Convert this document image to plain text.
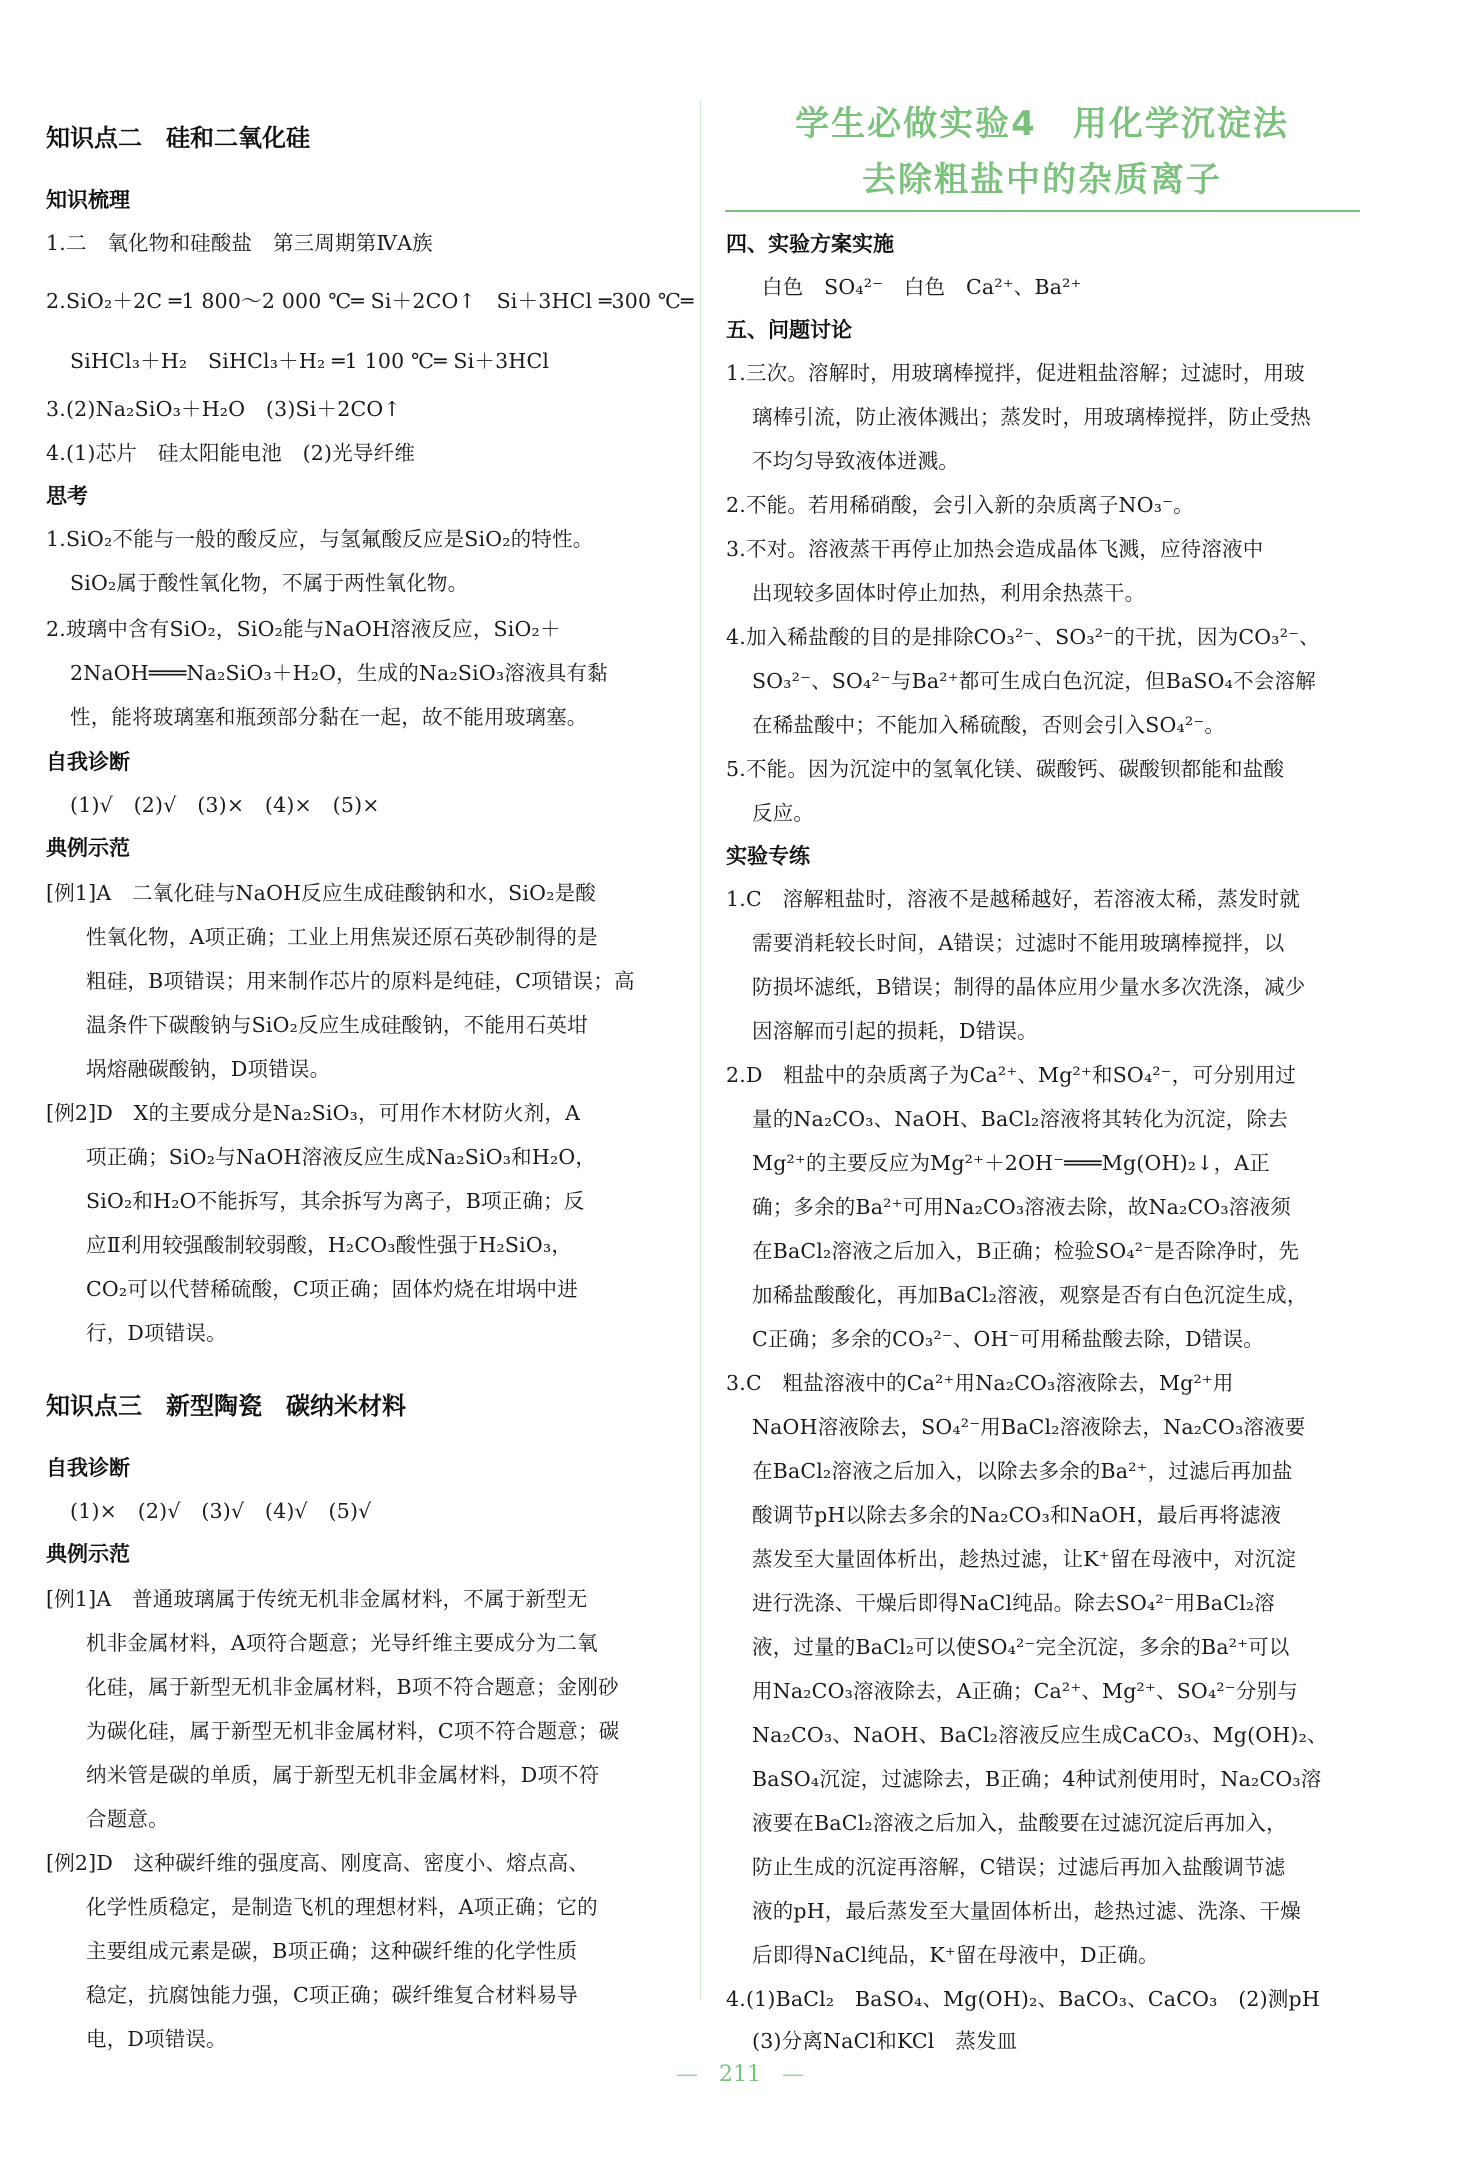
知识点二　硅和二氧化硅
知识梳理
1.二　氧化物和硅酸盐　第三周期第ⅣA族
2.SiO₂＋2C ═1 800～2 000 ℃═ Si＋2CO↑　Si＋3HCl ═300 ℃═
SiHCl₃＋H₂　SiHCl₃＋H₂ ═1 100 ℃═ Si＋3HCl
3.(2)Na₂SiO₃＋H₂O　(3)Si＋2CO↑
4.(1)芯片　硅太阳能电池　(2)光导纤维
思考
1.SiO₂不能与一般的酸反应，与氢氟酸反应是SiO₂的特性。
SiO₂属于酸性氧化物，不属于两性氧化物。
2.玻璃中含有SiO₂，SiO₂能与NaOH溶液反应，SiO₂＋
2NaOH═══Na₂SiO₃＋H₂O，生成的Na₂SiO₃溶液具有黏
性，能将玻璃塞和瓶颈部分黏在一起，故不能用玻璃塞。
自我诊断
(1)√　(2)√　(3)×　(4)×　(5)×
典例示范
[例1]A　二氧化硅与NaOH反应生成硅酸钠和水，SiO₂是酸
性氧化物，A项正确；工业上用焦炭还原石英砂制得的是
粗硅，B项错误；用来制作芯片的原料是纯硅，C项错误；高
温条件下碳酸钠与SiO₂反应生成硅酸钠，不能用石英坩
埚熔融碳酸钠，D项错误。
[例2]D　X的主要成分是Na₂SiO₃，可用作木材防火剂，A
项正确；SiO₂与NaOH溶液反应生成Na₂SiO₃和H₂O，
SiO₂和H₂O不能拆写，其余拆写为离子，B项正确；反
应Ⅱ利用较强酸制较弱酸，H₂CO₃酸性强于H₂SiO₃，
CO₂可以代替稀硫酸，C项正确；固体灼烧在坩埚中进
行，D项错误。
知识点三　新型陶瓷　碳纳米材料
自我诊断
(1)×　(2)√　(3)√　(4)√　(5)√
典例示范
[例1]A　普通玻璃属于传统无机非金属材料，不属于新型无
机非金属材料，A项符合题意；光导纤维主要成分为二氧
化硅，属于新型无机非金属材料，B项不符合题意；金刚砂
为碳化硅，属于新型无机非金属材料，C项不符合题意；碳
纳米管是碳的单质，属于新型无机非金属材料，D项不符
合题意。
[例2]D　这种碳纤维的强度高、刚度高、密度小、熔点高、
化学性质稳定，是制造飞机的理想材料，A项正确；它的
主要组成元素是碳，B项正确；这种碳纤维的化学性质
稳定，抗腐蚀能力强，C项正确；碳纤维复合材料易导
电，D项错误。
学生必做实验4　用化学沉淀法
去除粗盐中的杂质离子
四、实验方案实施
白色　SO₄²⁻　白色　Ca²⁺、Ba²⁺
五、问题讨论
1.三次。溶解时，用玻璃棒搅拌，促进粗盐溶解；过滤时，用玻
璃棒引流，防止液体溅出；蒸发时，用玻璃棒搅拌，防止受热
不均匀导致液体迸溅。
2.不能。若用稀硝酸，会引入新的杂质离子NO₃⁻。
3.不对。溶液蒸干再停止加热会造成晶体飞溅，应待溶液中
出现较多固体时停止加热，利用余热蒸干。
4.加入稀盐酸的目的是排除CO₃²⁻、SO₃²⁻的干扰，因为CO₃²⁻、
SO₃²⁻、SO₄²⁻与Ba²⁺都可生成白色沉淀，但BaSO₄不会溶解
在稀盐酸中；不能加入稀硫酸，否则会引入SO₄²⁻。
5.不能。因为沉淀中的氢氧化镁、碳酸钙、碳酸钡都能和盐酸
反应。
实验专练
1.C　溶解粗盐时，溶液不是越稀越好，若溶液太稀，蒸发时就
需要消耗较长时间，A错误；过滤时不能用玻璃棒搅拌，以
防损坏滤纸，B错误；制得的晶体应用少量水多次洗涤，减少
因溶解而引起的损耗，D错误。
2.D　粗盐中的杂质离子为Ca²⁺、Mg²⁺和SO₄²⁻，可分别用过
量的Na₂CO₃、NaOH、BaCl₂溶液将其转化为沉淀，除去
Mg²⁺的主要反应为Mg²⁺＋2OH⁻═══Mg(OH)₂↓，A正
确；多余的Ba²⁺可用Na₂CO₃溶液去除，故Na₂CO₃溶液须
在BaCl₂溶液之后加入，B正确；检验SO₄²⁻是否除净时，先
加稀盐酸酸化，再加BaCl₂溶液，观察是否有白色沉淀生成，
C正确；多余的CO₃²⁻、OH⁻可用稀盐酸去除，D错误。
3.C　粗盐溶液中的Ca²⁺用Na₂CO₃溶液除去，Mg²⁺用
NaOH溶液除去，SO₄²⁻用BaCl₂溶液除去，Na₂CO₃溶液要
在BaCl₂溶液之后加入，以除去多余的Ba²⁺，过滤后再加盐
酸调节pH以除去多余的Na₂CO₃和NaOH，最后再将滤液
蒸发至大量固体析出，趁热过滤，让K⁺留在母液中，对沉淀
进行洗涤、干燥后即得NaCl纯品。除去SO₄²⁻用BaCl₂溶
液，过量的BaCl₂可以使SO₄²⁻完全沉淀，多余的Ba²⁺可以
用Na₂CO₃溶液除去，A正确；Ca²⁺、Mg²⁺、SO₄²⁻分别与
Na₂CO₃、NaOH、BaCl₂溶液反应生成CaCO₃、Mg(OH)₂、
BaSO₄沉淀，过滤除去，B正确；4种试剂使用时，Na₂CO₃溶
液要在BaCl₂溶液之后加入，盐酸要在过滤沉淀后再加入，
防止生成的沉淀再溶解，C错误；过滤后再加入盐酸调节滤
液的pH，最后蒸发至大量固体析出，趁热过滤、洗涤、干燥
后即得NaCl纯品，K⁺留在母液中，D正确。
4.(1)BaCl₂　BaSO₄、Mg(OH)₂、BaCO₃、CaCO₃　(2)测pH
(3)分离NaCl和KCl　蒸发皿
— 211 —
